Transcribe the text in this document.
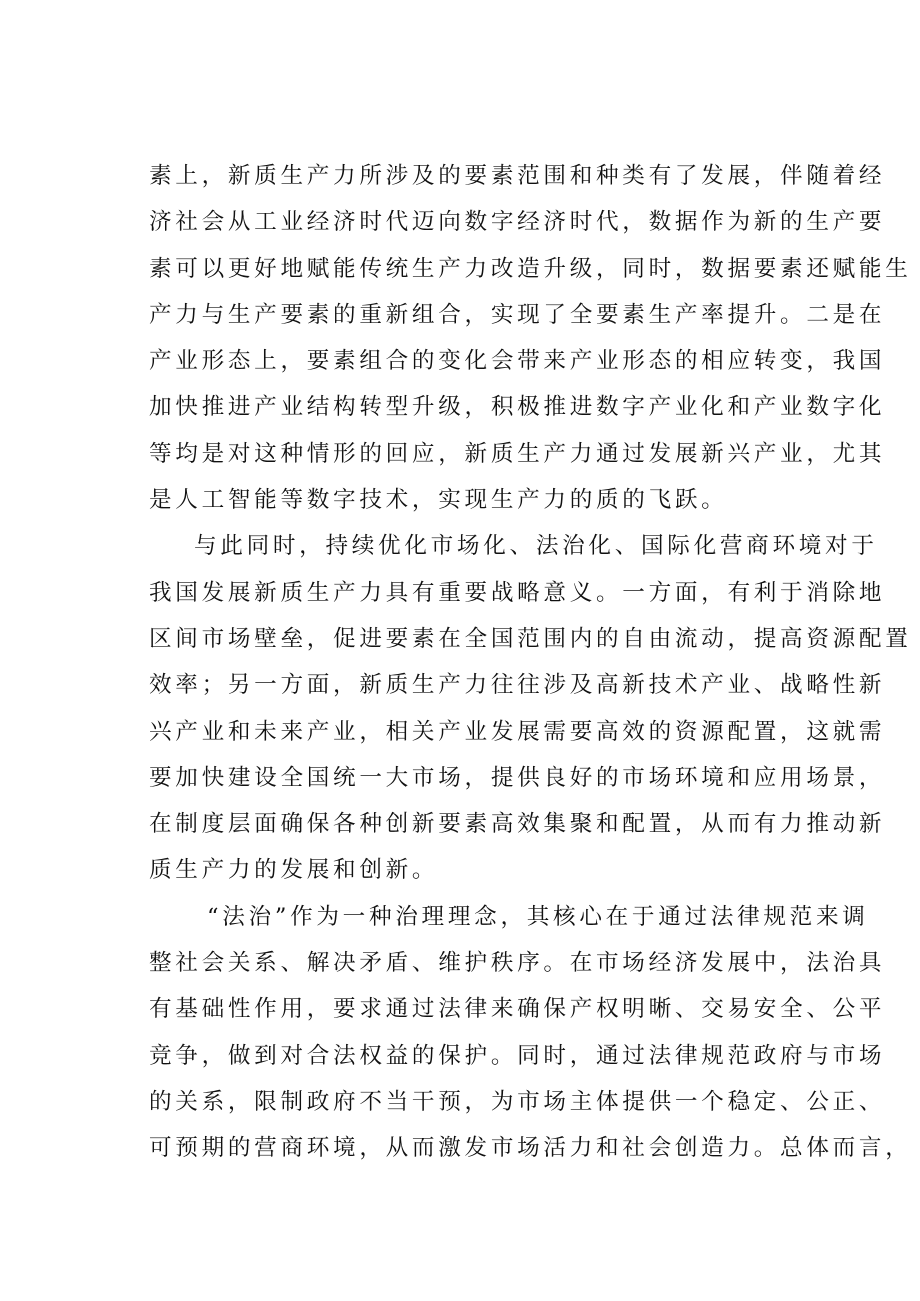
素上，新质生产力所涉及的要素范围和种类有了发展，伴随着经
济社会从工业经济时代迈向数字经济时代，数据作为新的生产要
素可以更好地赋能传统生产力改造升级，同时，数据要素还赋能生
产力与生产要素的重新组合，实现了全要素生产率提升。二是在
产业形态上，要素组合的变化会带来产业形态的相应转变，我国
加快推进产业结构转型升级，积极推进数字产业化和产业数字化
等均是对这种情形的回应，新质生产力通过发展新兴产业，尤其
是人工智能等数字技术，实现生产力的质的飞跃。
与此同时，持续优化市场化、法治化、国际化营商环境对于
我国发展新质生产力具有重要战略意义。一方面，有利于消除地
区间市场壁垒，促进要素在全国范围内的自由流动，提高资源配置
效率；另一方面，新质生产力往往涉及高新技术产业、战略性新
兴产业和未来产业，相关产业发展需要高效的资源配置，这就需
要加快建设全国统一大市场，提供良好的市场环境和应用场景，
在制度层面确保各种创新要素高效集聚和配置，从而有力推动新
质生产力的发展和创新。
“法治”作为一种治理理念，其核心在于通过法律规范来调
整社会关系、解决矛盾、维护秩序。在市场经济发展中，法治具
有基础性作用，要求通过法律来确保产权明晰、交易安全、公平
竞争，做到对合法权益的保护。同时，通过法律规范政府与市场
的关系，限制政府不当干预，为市场主体提供一个稳定、公正、
可预期的营商环境，从而激发市场活力和社会创造力。总体而言，
